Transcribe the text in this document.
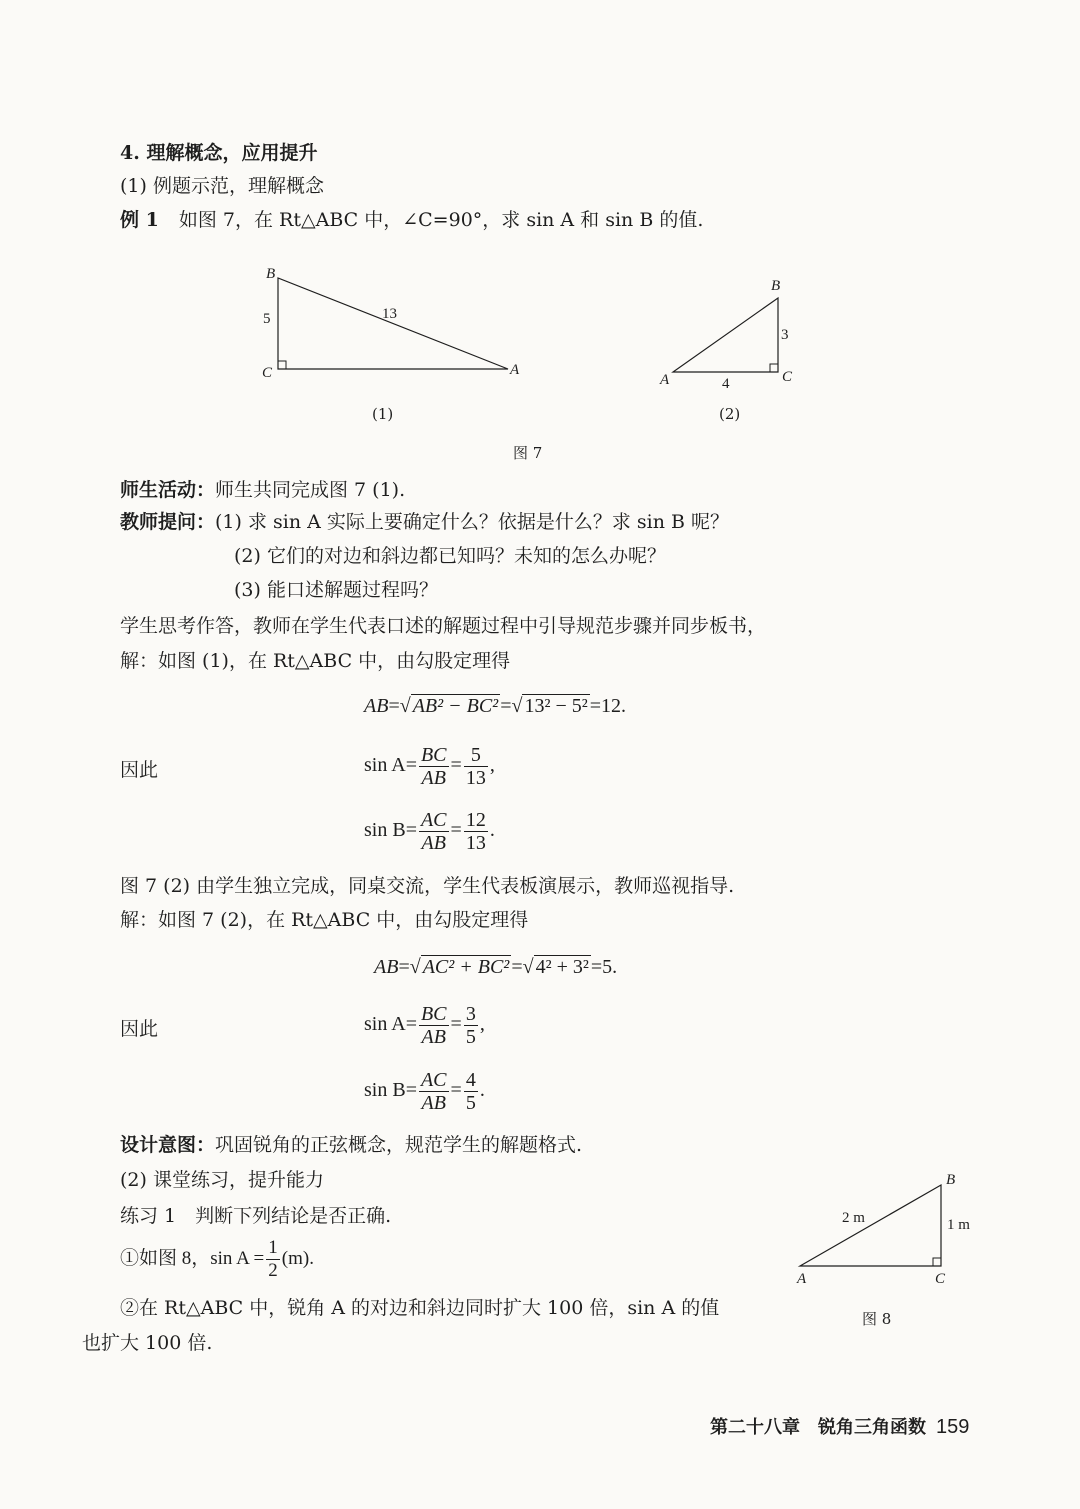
4. 理解概念，应用提升
(1) 例题示范，理解概念
例 1 如图 7，在 Rt△ABC 中，∠C=90°，求 sin A 和 sin B 的值.
B
C	A
5	13
B
A	C
3
4
(1)	(2)
图 7
师生活动：师生共同完成图 7 (1).
教师提问：(1) 求 sin A 实际上要确定什么？依据是什么？求 sin B 呢？
(2) 它们的对边和斜边都已知吗？未知的怎么办呢？
(3) 能口述解题过程吗？
学生思考作答，教师在学生代表口述的解题过程中引导规范步骤并同步板书，
解：如图 (1)，在 Rt△ABC 中，由勾股定理得
AB=√ AB² − BC² =√ 13² − 5² =12.
因此	$\sin A= \frac{BC}{AB} = \frac{5}{13}$ ,
$\sin B= \frac{AC}{AB} = \frac{12}{13}$ .
图 7 (2) 由学生独立完成，同桌交流，学生代表板演展示，教师巡视指导.
解：如图 7 (2)，在 Rt△ABC 中，由勾股定理得
AB=√ AC² + BC² =√ 4² + 3² =5.
因此	$\sin A= \frac{BC}{AB} = \frac{3}{5}$ ,
$\sin B= \frac{AC}{AB} = \frac{4}{5}$ .
设计意图：巩固锐角的正弦概念，规范学生的解题格式.
(2) 课堂练习，提升能力
练习 1　判断下列结论是否正确.
①如图 8，$\sin A = \frac{1}{2} (m)$.
②在 Rt△ABC 中，锐角 A 的对边和斜边同时扩大 100 倍，sin A 的值
也扩大 100 倍.
B
A	C
2 m	1 m
图 8
第二十八章　锐角三角函数 159
